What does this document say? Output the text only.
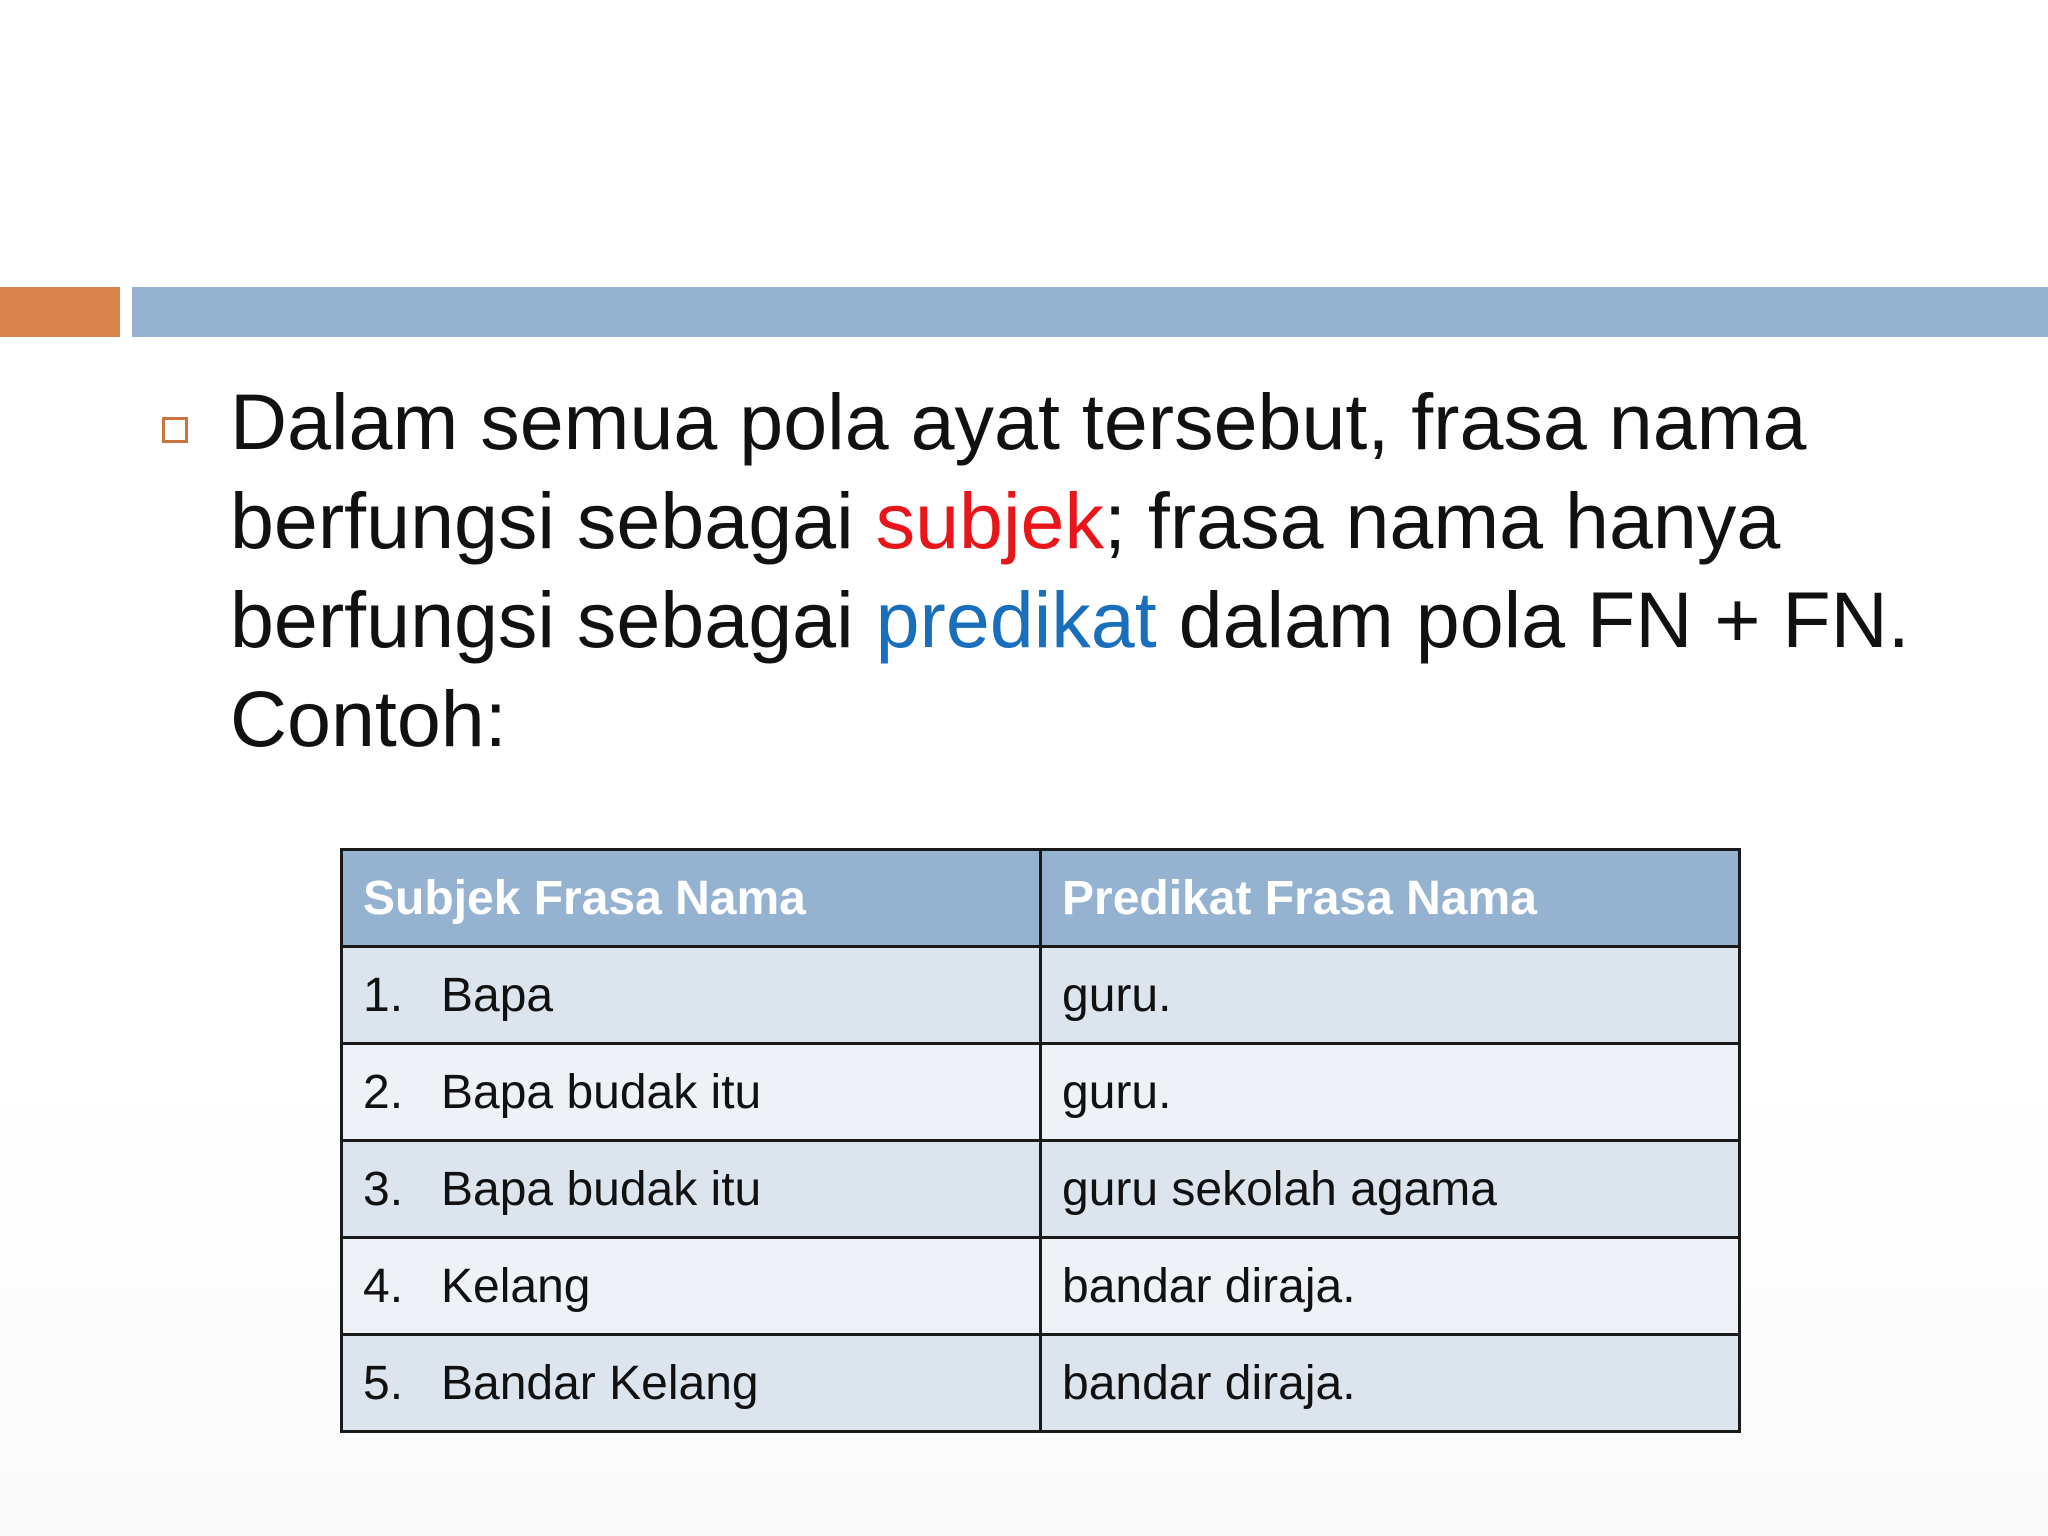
Dalam semua pola ayat tersebut, frasa nama berfungsi sebagai subjek; frasa nama hanya berfungsi sebagai predikat dalam pola FN + FN. Contoh:
Subjek Frasa Nama	Predikat Frasa Nama
1. Bapa	guru.
2. Bapa budak itu	guru.
3. Bapa budak itu	guru sekolah agama
4. Kelang	bandar diraja.
5. Bandar Kelang	bandar diraja.
